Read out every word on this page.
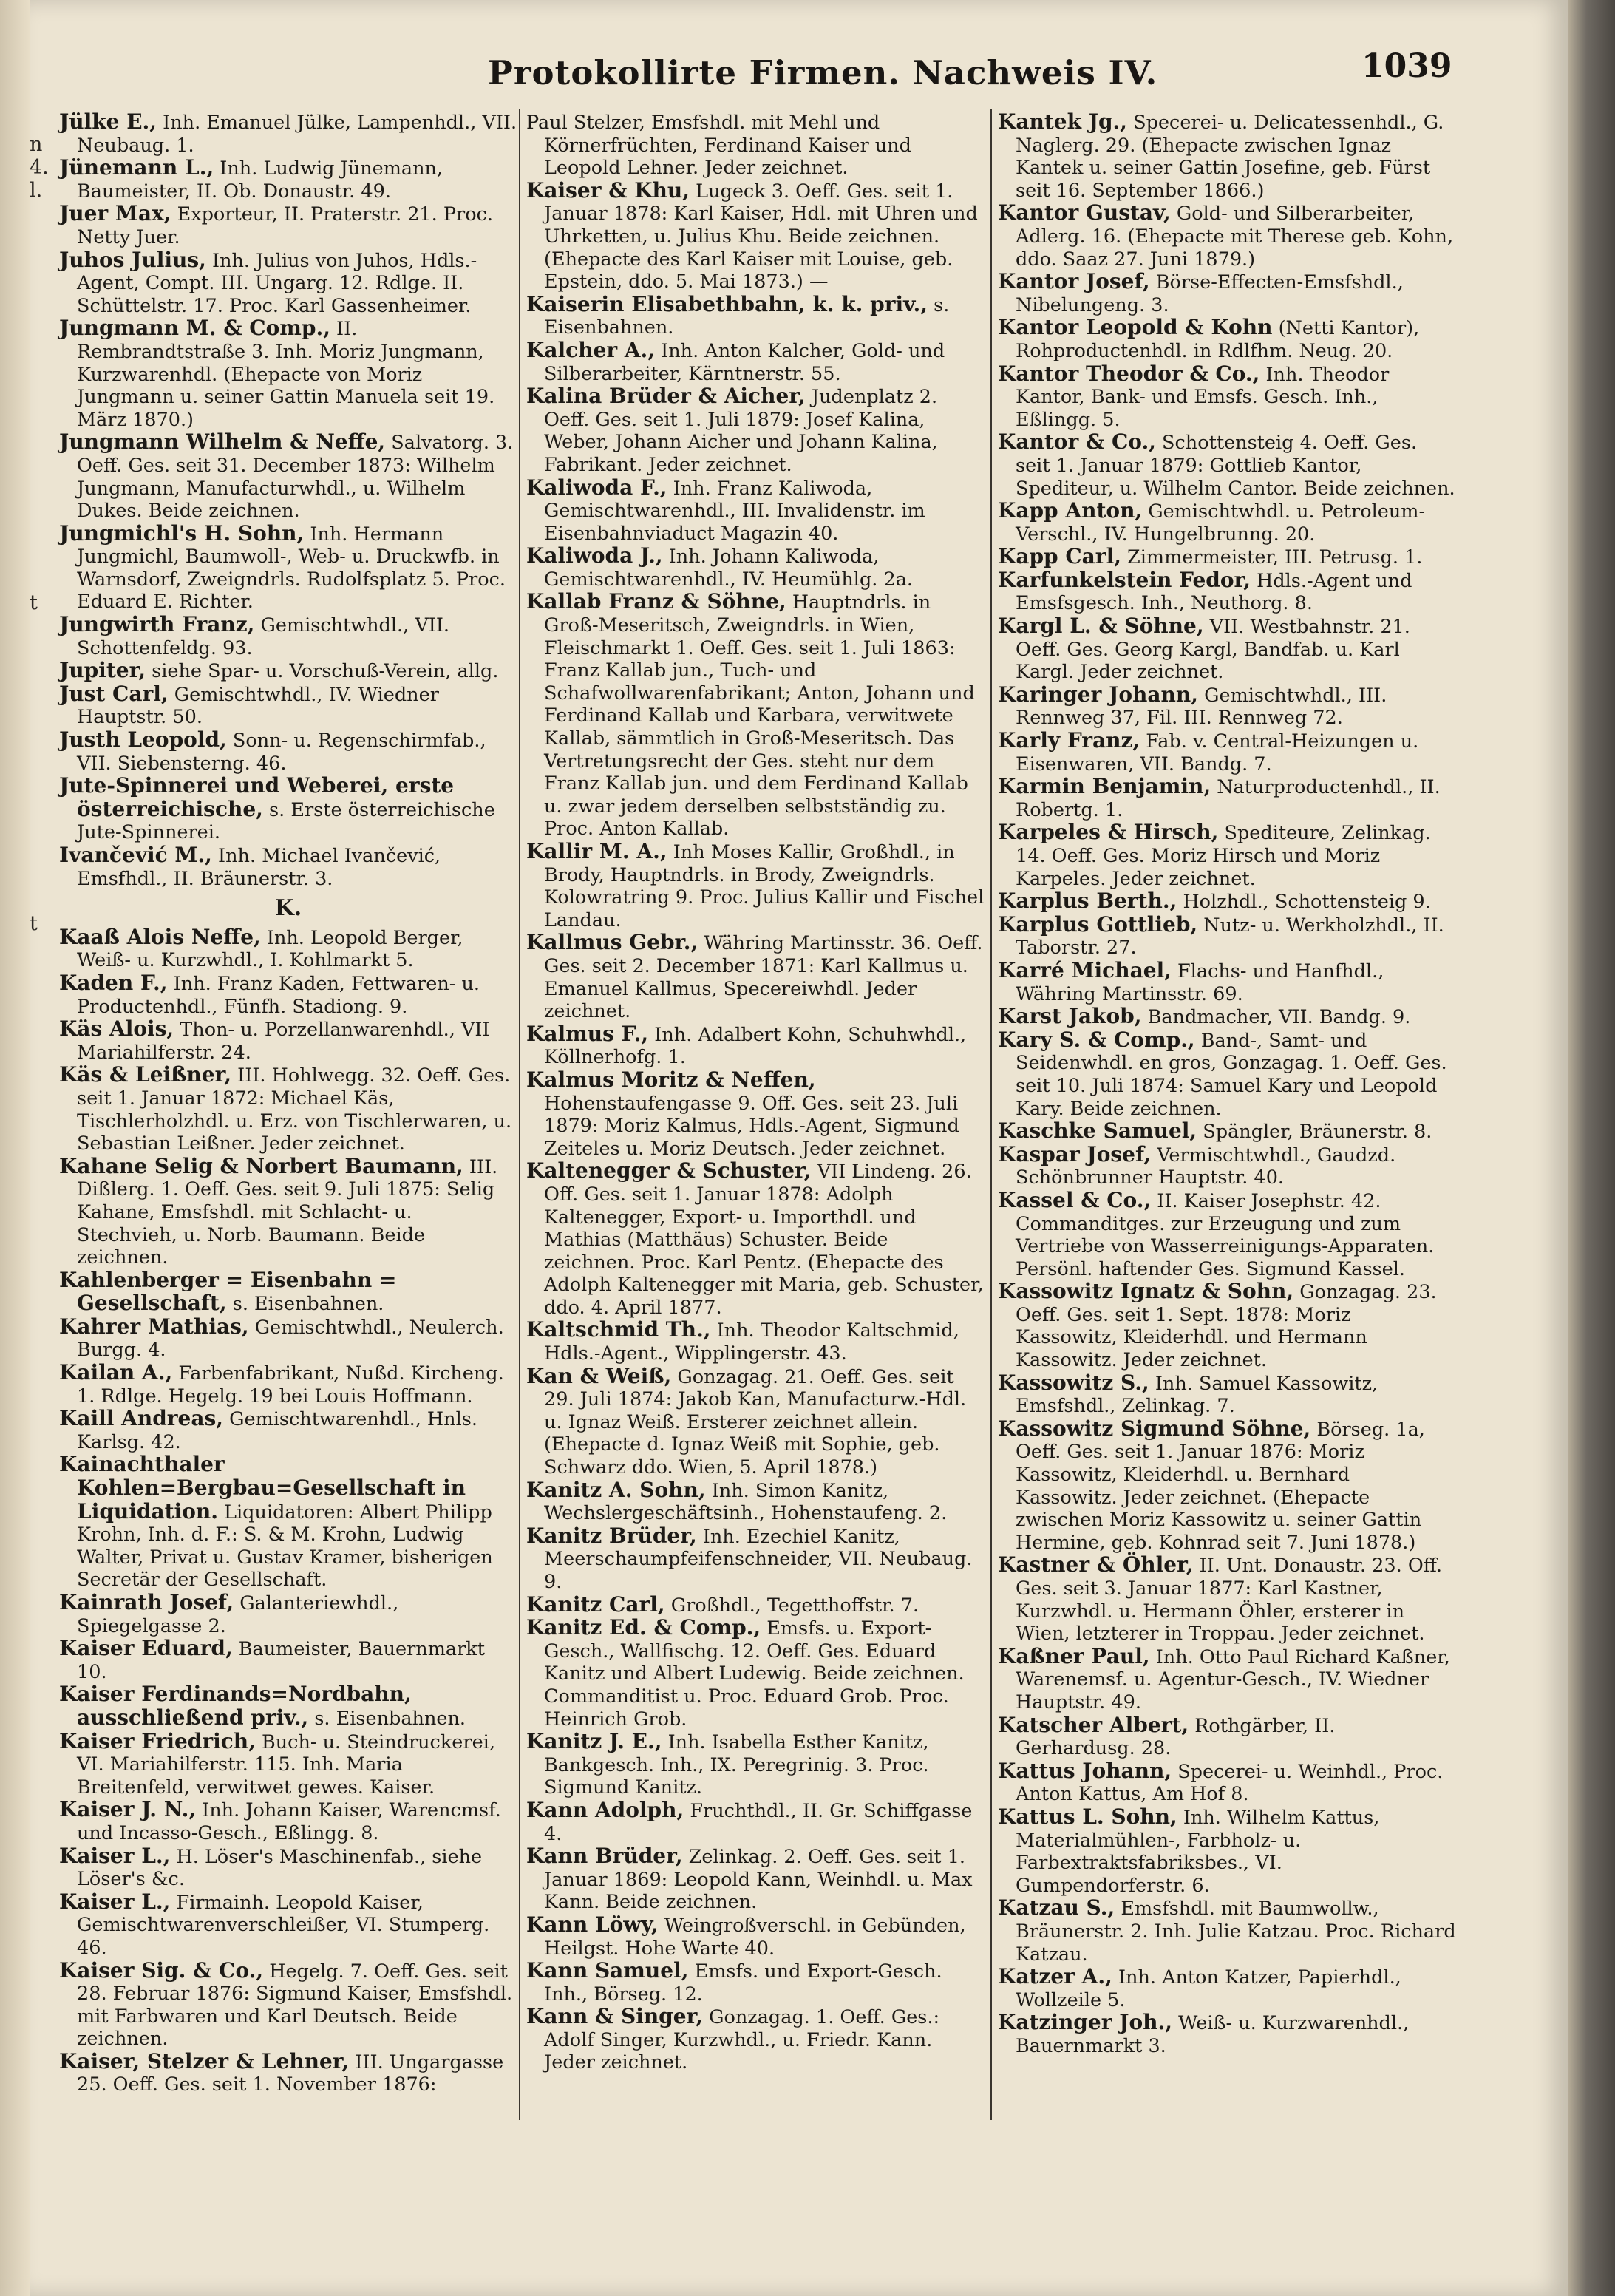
n
4.
l.
t
t
Protokollirte Firmen. Nachweis IV.	1039

Jülke E., Inh. Emanuel Jülke, Lampenhdl., VII. Neubaug. 1.

Jünemann L., Inh. Ludwig Jünemann, Baumeister, II. Ob. Donaustr. 49.

Juer Max, Exporteur, II. Praterstr. 21. Proc. Netty Juer.

Juhos Julius, Inh. Julius von Juhos, Hdls.-Agent, Compt. III. Ungarg. 12. Rdlge. II. Schüttelstr. 17. Proc. Karl Gassenheimer.

Jungmann M. & Comp., II. Rembrandtstraße 3. Inh. Moriz Jungmann, Kurzwarenhdl. (Ehepacte von Moriz Jungmann u. seiner Gattin Manuela seit 19. März 1870.)

Jungmann Wilhelm & Neffe, Salvatorg. 3. Oeff. Ges. seit 31. December 1873: Wilhelm Jungmann, Manufacturwhdl., u. Wilhelm Dukes. Beide zeichnen.

Jungmichl's H. Sohn, Inh. Hermann Jungmichl, Baumwoll-, Web- u. Druckwfb. in Warnsdorf, Zweigndrls. Rudolfsplatz 5. Proc. Eduard E. Richter.

Jungwirth Franz, Gemischtwhdl., VII. Schottenfeldg. 93.

Jupiter, siehe Spar- u. Vorschuß-Verein, allg.

Just Carl, Gemischtwhdl., IV. Wiedner Hauptstr. 50.

Justh Leopold, Sonn- u. Regenschirmfab., VII. Siebensterng. 46.

Jute-Spinnerei und Weberei, erste österreichische, s. Erste österreichische Jute-Spinnerei.

Ivančević M., Inh. Michael Ivančević, Emsfhdl., II. Bräunerstr. 3.

K.

Kaaß Alois Neffe, Inh. Leopold Berger, Weiß- u. Kurzwhdl., I. Kohlmarkt 5.

Kaden F., Inh. Franz Kaden, Fettwaren- u. Productenhdl., Fünfh. Stadiong. 9.

Käs Alois, Thon- u. Porzellanwarenhdl., VII Mariahilferstr. 24.

Käs & Leißner, III. Hohlwegg. 32. Oeff. Ges. seit 1. Januar 1872: Michael Käs, Tischlerholzhdl. u. Erz. von Tischlerwaren, u. Sebastian Leißner. Jeder zeichnet.

Kahane Selig & Norbert Baumann, III. Dißlerg. 1. Oeff. Ges. seit 9. Juli 1875: Selig Kahane, Emsfshdl. mit Schlacht- u. Stechvieh, u. Norb. Baumann. Beide zeichnen.

Kahlenberger = Eisenbahn = Gesellschaft, s. Eisenbahnen.

Kahrer Mathias, Gemischtwhdl., Neulerch. Burgg. 4.

Kailan A., Farbenfabrikant, Nußd. Kircheng. 1. Rdlge. Hegelg. 19 bei Louis Hoffmann.

Kaill Andreas, Gemischtwarenhdl., Hnls. Karlsg. 42.

Kainachthaler Kohlen=Bergbau=Gesellschaft in Liquidation. Liquidatoren: Albert Philipp Krohn, Inh. d. F.: S. & M. Krohn, Ludwig Walter, Privat u. Gustav Kramer, bisherigen Secretär der Gesellschaft.

Kainrath Josef, Galanteriewhdl., Spiegelgasse 2.

Kaiser Eduard, Baumeister, Bauernmarkt 10.

Kaiser Ferdinands=Nordbahn, ausschließend priv., s. Eisenbahnen.

Kaiser Friedrich, Buch- u. Steindruckerei, VI. Mariahilferstr. 115. Inh. Maria Breitenfeld, verwitwet gewes. Kaiser.

Kaiser J. N., Inh. Johann Kaiser, Warencmsf. und Incasso-Gesch., Eßlingg. 8.

Kaiser L., H. Löser's Maschinenfab., siehe Löser's &c.

Kaiser L., Firmainh. Leopold Kaiser, Gemischtwarenverschleißer, VI. Stumperg. 46.

Kaiser Sig. & Co., Hegelg. 7. Oeff. Ges. seit 28. Februar 1876: Sigmund Kaiser, Emsfshdl. mit Farbwaren und Karl Deutsch. Beide zeichnen.

Kaiser, Stelzer & Lehner, III. Ungargasse 25. Oeff. Ges. seit 1. November 1876:

Paul Stelzer, Emsfshdl. mit Mehl und Körnerfrüchten, Ferdinand Kaiser und Leopold Lehner. Jeder zeichnet.

Kaiser & Khu, Lugeck 3. Oeff. Ges. seit 1. Januar 1878: Karl Kaiser, Hdl. mit Uhren und Uhrketten, u. Julius Khu. Beide zeichnen. (Ehepacte des Karl Kaiser mit Louise, geb. Epstein, ddo. 5. Mai 1873.) —

Kaiserin Elisabethbahn, k. k. priv., s. Eisenbahnen.

Kalcher A., Inh. Anton Kalcher, Gold- und Silberarbeiter, Kärntnerstr. 55.

Kalina Brüder & Aicher, Judenplatz 2. Oeff. Ges. seit 1. Juli 1879: Josef Kalina, Weber, Johann Aicher und Johann Kalina, Fabrikant. Jeder zeichnet.

Kaliwoda F., Inh. Franz Kaliwoda, Gemischtwarenhdl., III. Invalidenstr. im Eisenbahnviaduct Magazin 40.

Kaliwoda J., Inh. Johann Kaliwoda, Gemischtwarenhdl., IV. Heumühlg. 2a.

Kallab Franz & Söhne, Hauptndrls. in Groß-Meseritsch, Zweigndrls. in Wien, Fleischmarkt 1. Oeff. Ges. seit 1. Juli 1863: Franz Kallab jun., Tuch- und Schafwollwarenfabrikant; Anton, Johann und Ferdinand Kallab und Karbara, verwitwete Kallab, sämmtlich in Groß-Meseritsch. Das Vertretungsrecht der Ges. steht nur dem Franz Kallab jun. und dem Ferdinand Kallab u. zwar jedem derselben selbstständig zu. Proc. Anton Kallab.

Kallir M. A., Inh Moses Kallir, Großhdl., in Brody, Hauptndrls. in Brody, Zweigndrls. Kolowratring 9. Proc. Julius Kallir und Fischel Landau.

Kallmus Gebr., Währing Martinsstr. 36. Oeff. Ges. seit 2. December 1871: Karl Kallmus u. Emanuel Kallmus, Specereiwhdl. Jeder zeichnet.

Kalmus F., Inh. Adalbert Kohn, Schuhwhdl., Köllnerhofg. 1.

Kalmus Moritz & Neffen, Hohenstaufengasse 9. Off. Ges. seit 23. Juli 1879: Moriz Kalmus, Hdls.-Agent, Sigmund Zeiteles u. Moriz Deutsch. Jeder zeichnet.

Kaltenegger & Schuster, VII Lindeng. 26. Off. Ges. seit 1. Januar 1878: Adolph Kaltenegger, Export- u. Importhdl. und Mathias (Matthäus) Schuster. Beide zeichnen. Proc. Karl Pentz. (Ehepacte des Adolph Kaltenegger mit Maria, geb. Schuster, ddo. 4. April 1877.

Kaltschmid Th., Inh. Theodor Kaltschmid, Hdls.-Agent., Wipplingerstr. 43.

Kan & Weiß, Gonzagag. 21. Oeff. Ges. seit 29. Juli 1874: Jakob Kan, Manufacturw.-Hdl. u. Ignaz Weiß. Ersterer zeichnet allein. (Ehepacte d. Ignaz Weiß mit Sophie, geb. Schwarz ddo. Wien, 5. April 1878.)

Kanitz A. Sohn, Inh. Simon Kanitz, Wechslergeschäftsinh., Hohenstaufeng. 2.

Kanitz Brüder, Inh. Ezechiel Kanitz, Meerschaumpfeifenschneider, VII. Neubaug. 9.

Kanitz Carl, Großhdl., Tegetthoffstr. 7.

Kanitz Ed. & Comp., Emsfs. u. Export-Gesch., Wallfischg. 12. Oeff. Ges. Eduard Kanitz und Albert Ludewig. Beide zeichnen. Commanditist u. Proc. Eduard Grob. Proc. Heinrich Grob.

Kanitz J. E., Inh. Isabella Esther Kanitz, Bankgesch. Inh., IX. Peregrinig. 3. Proc. Sigmund Kanitz.

Kann Adolph, Fruchthdl., II. Gr. Schiffgasse 4.

Kann Brüder, Zelinkag. 2. Oeff. Ges. seit 1. Januar 1869: Leopold Kann, Weinhdl. u. Max Kann. Beide zeichnen.

Kann Löwy, Weingroßverschl. in Gebünden, Heilgst. Hohe Warte 40.

Kann Samuel, Emsfs. und Export-Gesch. Inh., Börseg. 12.

Kann & Singer, Gonzagag. 1. Oeff. Ges.: Adolf Singer, Kurzwhdl., u. Friedr. Kann. Jeder zeichnet.

Kantek Jg., Specerei- u. Delicatessenhdl., G. Naglerg. 29. (Ehepacte zwischen Ignaz Kantek u. seiner Gattin Josefine, geb. Fürst seit 16. September 1866.)

Kantor Gustav, Gold- und Silberarbeiter, Adlerg. 16. (Ehepacte mit Therese geb. Kohn, ddo. Saaz 27. Juni 1879.)

Kantor Josef, Börse-Effecten-Emsfshdl., Nibelungeng. 3.

Kantor Leopold & Kohn (Netti Kantor), Rohproductenhdl. in Rdlfhm. Neug. 20.

Kantor Theodor & Co., Inh. Theodor Kantor, Bank- und Emsfs. Gesch. Inh., Eßlingg. 5.

Kantor & Co., Schottensteig 4. Oeff. Ges. seit 1. Januar 1879: Gottlieb Kantor, Spediteur, u. Wilhelm Cantor. Beide zeichnen.

Kapp Anton, Gemischtwhdl. u. Petroleum-Verschl., IV. Hungelbrunng. 20.

Kapp Carl, Zimmermeister, III. Petrusg. 1.

Karfunkelstein Fedor, Hdls.-Agent und Emsfsgesch. Inh., Neuthorg. 8.

Kargl L. & Söhne, VII. Westbahnstr. 21. Oeff. Ges. Georg Kargl, Bandfab. u. Karl Kargl. Jeder zeichnet.

Karinger Johann, Gemischtwhdl., III. Rennweg 37, Fil. III. Rennweg 72.

Karly Franz, Fab. v. Central-Heizungen u. Eisenwaren, VII. Bandg. 7.

Karmin Benjamin, Naturproductenhdl., II. Robertg. 1.

Karpeles & Hirsch, Spediteure, Zelinkag. 14. Oeff. Ges. Moriz Hirsch und Moriz Karpeles. Jeder zeichnet.

Karplus Berth., Holzhdl., Schottensteig 9.

Karplus Gottlieb, Nutz- u. Werkholzhdl., II. Taborstr. 27.

Karré Michael, Flachs- und Hanfhdl., Währing Martinsstr. 69.

Karst Jakob, Bandmacher, VII. Bandg. 9.

Kary S. & Comp., Band-, Samt- und Seidenwhdl. en gros, Gonzagag. 1. Oeff. Ges. seit 10. Juli 1874: Samuel Kary und Leopold Kary. Beide zeichnen.

Kaschke Samuel, Spängler, Bräunerstr. 8.

Kaspar Josef, Vermischtwhdl., Gaudzd. Schönbrunner Hauptstr. 40.

Kassel & Co., II. Kaiser Josephstr. 42. Commanditges. zur Erzeugung und zum Vertriebe von Wasserreinigungs-Apparaten. Persönl. haftender Ges. Sigmund Kassel.

Kassowitz Ignatz & Sohn, Gonzagag. 23. Oeff. Ges. seit 1. Sept. 1878: Moriz Kassowitz, Kleiderhdl. und Hermann Kassowitz. Jeder zeichnet.

Kassowitz S., Inh. Samuel Kassowitz, Emsfshdl., Zelinkag. 7.

Kassowitz Sigmund Söhne, Börseg. 1a, Oeff. Ges. seit 1. Januar 1876: Moriz Kassowitz, Kleiderhdl. u. Bernhard Kassowitz. Jeder zeichnet. (Ehepacte zwischen Moriz Kassowitz u. seiner Gattin Hermine, geb. Kohnrad seit 7. Juni 1878.)

Kastner & Öhler, II. Unt. Donaustr. 23. Off. Ges. seit 3. Januar 1877: Karl Kastner, Kurzwhdl. u. Hermann Öhler, ersterer in Wien, letzterer in Troppau. Jeder zeichnet.

Kaßner Paul, Inh. Otto Paul Richard Kaßner, Warenemsf. u. Agentur-Gesch., IV. Wiedner Hauptstr. 49.

Katscher Albert, Rothgärber, II. Gerhardusg. 28.

Kattus Johann, Specerei- u. Weinhdl., Proc. Anton Kattus, Am Hof 8.

Kattus L. Sohn, Inh. Wilhelm Kattus, Materialmühlen-, Farbholz- u. Farbextraktsfabriksbes., VI. Gumpendorferstr. 6.

Katzau S., Emsfshdl. mit Baumwollw., Bräunerstr. 2. Inh. Julie Katzau. Proc. Richard Katzau.

Katzer A., Inh. Anton Katzer, Papierhdl., Wollzeile 5.

Katzinger Joh., Weiß- u. Kurzwarenhdl., Bauernmarkt 3.
